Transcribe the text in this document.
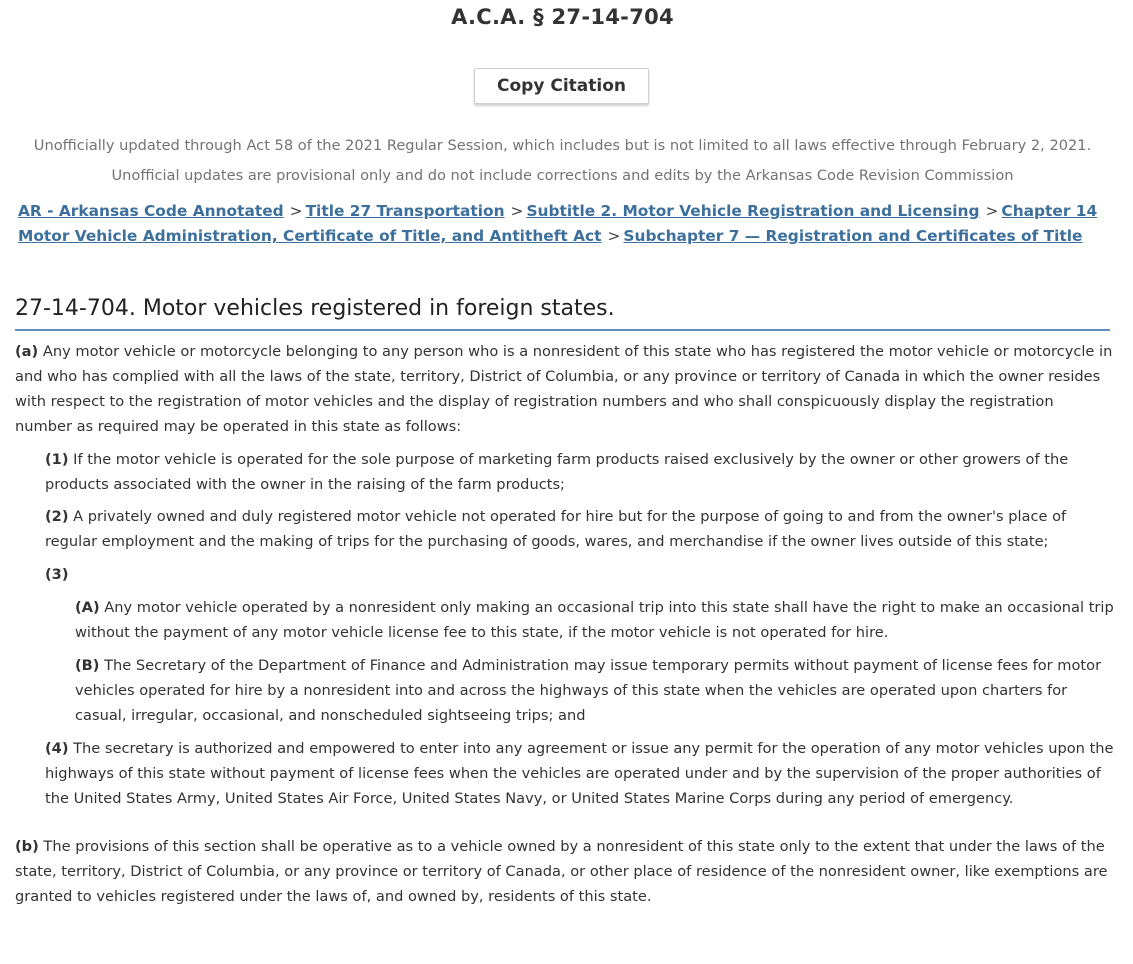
A.C.A. § 27-14-704
Copy Citation
Unofficially updated through Act 58 of the 2021 Regular Session, which includes but is not limited to all laws effective through February 2, 2021.
Unofficial updates are provisional only and do not include corrections and edits by the Arkansas Code Revision Commission
AR - Arkansas Code Annotated > Title 27 Transportation > Subtitle 2. Motor Vehicle Registration and Licensing > Chapter 14 Motor Vehicle Administration, Certificate of Title, and Antitheft Act > Subchapter 7 — Registration and Certificates of Title
27-14-704. Motor vehicles registered in foreign states.

(a) Any motor vehicle or motorcycle belonging to any person who is a nonresident of this state who has registered the motor vehicle or motorcycle in and who has complied with all the laws of the state, territory, District of Columbia, or any province or territory of Canada in which the owner resides with respect to the registration of motor vehicles and the display of registration numbers and who shall conspicuously display the registration number as required may be operated in this state as follows:

(1) If the motor vehicle is operated for the sole purpose of marketing farm products raised exclusively by the owner or other growers of the products associated with the owner in the raising of the farm products;

(2) A privately owned and duly registered motor vehicle not operated for hire but for the purpose of going to and from the owner's place of regular employment and the making of trips for the purchasing of goods, wares, and merchandise if the owner lives outside of this state;

(3)

(A) Any motor vehicle operated by a nonresident only making an occasional trip into this state shall have the right to make an occasional trip without the payment of any motor vehicle license fee to this state, if the motor vehicle is not operated for hire.

(B) The Secretary of the Department of Finance and Administration may issue temporary permits without payment of license fees for motor vehicles operated for hire by a nonresident into and across the highways of this state when the vehicles are operated upon charters for casual, irregular, occasional, and nonscheduled sightseeing trips; and

(4) The secretary is authorized and empowered to enter into any agreement or issue any permit for the operation of any motor vehicles upon the highways of this state without payment of license fees when the vehicles are operated under and by the supervision of the proper authorities of the United States Army, United States Air Force, United States Navy, or United States Marine Corps during any period of emergency.

(b) The provisions of this section shall be operative as to a vehicle owned by a nonresident of this state only to the extent that under the laws of the state, territory, District of Columbia, or any province or territory of Canada, or other place of residence of the nonresident owner, like exemptions are granted to vehicles registered under the laws of, and owned by, residents of this state.
